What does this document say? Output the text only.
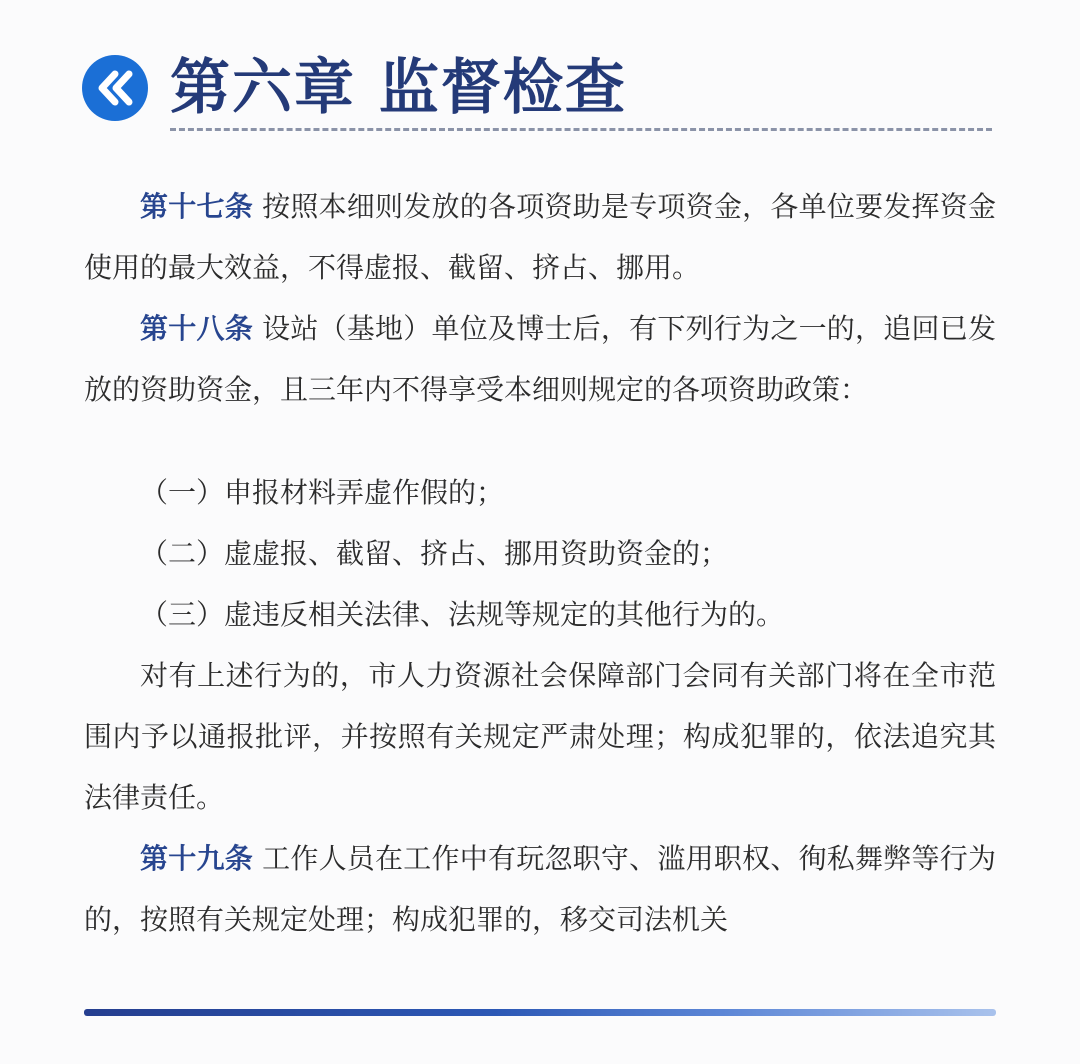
第六章 监督检查

第十七条 按照本细则发放的各项资助是专项资金，各单位要发挥资金使用的最大效益，不得虚报、截留、挤占、挪用。

第十八条 设站（基地）单位及博士后，有下列行为之一的，追回已发放的资助资金，且三年内不得享受本细则规定的各项资助政策：

（一）申报材料弄虚作假的；

（二）虚虚报、截留、挤占、挪用资助资金的；

（三）虚违反相关法律、法规等规定的其他行为的。

对有上述行为的，市人力资源社会保障部门会同有关部门将在全市范围内予以通报批评，并按照有关规定严肃处理；构成犯罪的，依法追究其法律责任。

第十九条 工作人员在工作中有玩忽职守、滥用职权、徇私舞弊等行为的，按照有关规定处理；构成犯罪的，移交司法机关
